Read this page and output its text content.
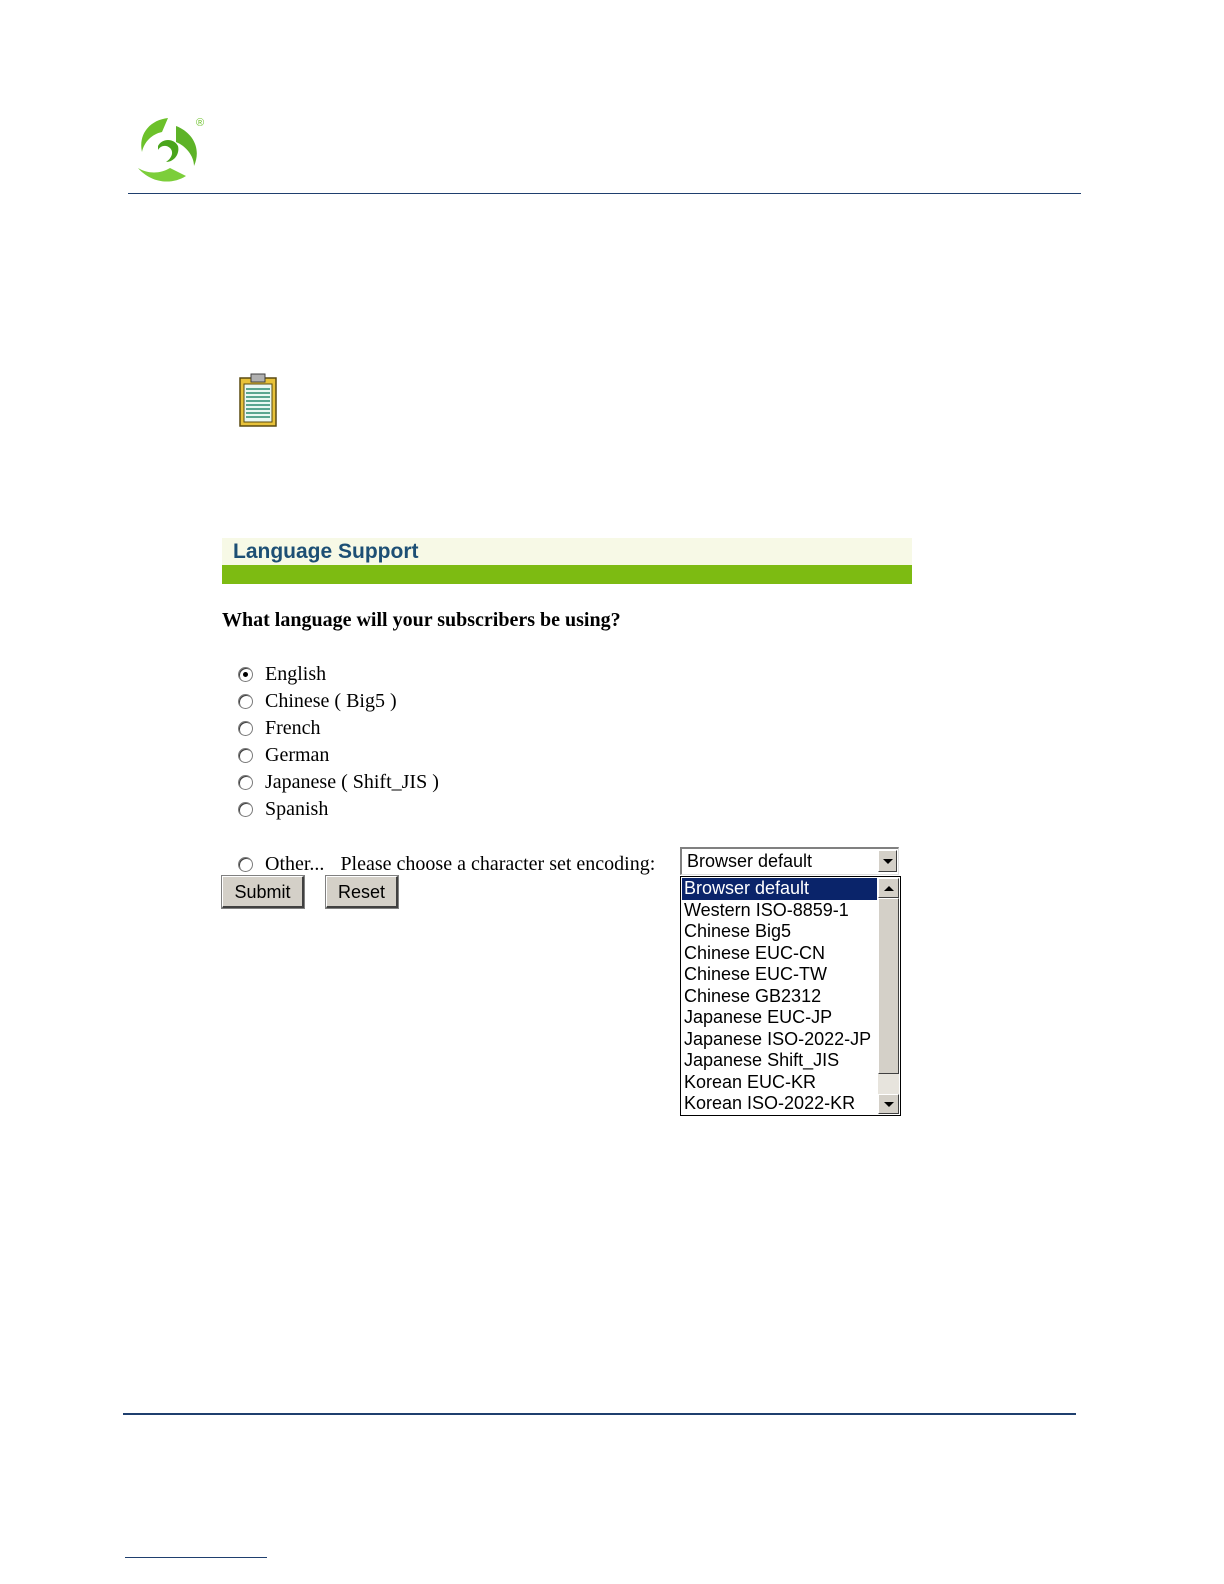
®
Language Support
What language will your subscribers be using?
English
Chinese ( Big5 )
French
German
Japanese ( Shift_JIS )
Spanish
Other... Please choose a character set encoding: Browser default
Browser default
Western ISO-8859-1
Chinese Big5
Chinese EUC-CN
Chinese EUC-TW
Chinese GB2312
Japanese EUC-JP
Japanese ISO-2022-JP
Japanese Shift_JIS
Korean EUC-KR
Korean ISO-2022-KR
Submit	Reset
